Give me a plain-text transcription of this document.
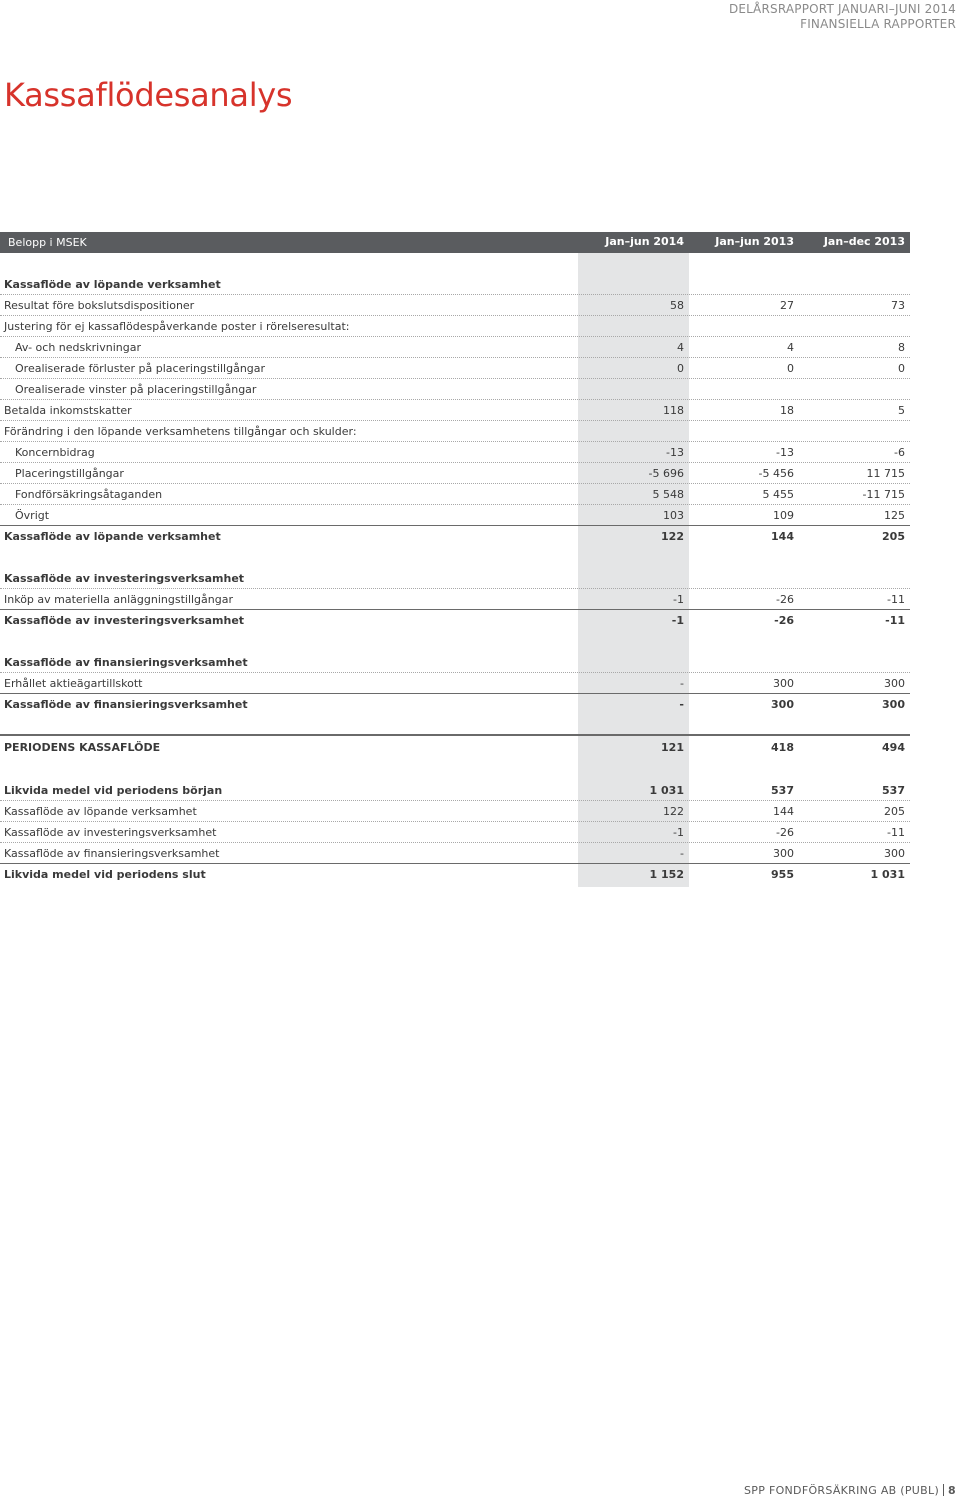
DELÅRSRAPPORT JANUARI–JUNI 2014
FINANSIELLA RAPPORTER
Kassaflödesanalys
Belopp i MSEK	Jan–jun 2014	Jan–jun 2013	Jan–dec 2013
Kassaflöde av löpande verksamhet
Resultat före bokslutsdispositioner	58	27	73
Justering för ej kassaflödespåverkande poster i rörelseresultat:
Av- och nedskrivningar	4	4	8
Orealiserade förluster på placeringstillgångar	0	0	0
Orealiserade vinster på placeringstillgångar
Betalda inkomstskatter	118	18	5
Förändring i den löpande verksamhetens tillgångar och skulder:
Koncernbidrag	-13	-13	-6
Placeringstillgångar	-5 696	-5 456	11 715
Fondförsäkringsåtaganden	5 548	5 455	-11 715
Övrigt	103	109	125
Kassaflöde av löpande verksamhet	122	144	205
Kassaflöde av investeringsverksamhet
Inköp av materiella anläggningstillgångar	-1	-26	-11
Kassaflöde av investeringsverksamhet	-1	-26	-11
Kassaflöde av finansieringsverksamhet
Erhållet aktieägartillskott	-	300	300
Kassaflöde av finansieringsverksamhet	-	300	300
PERIODENS KASSAFLÖDE	121	418	494
Likvida medel vid periodens början	1 031	537	537
Kassaflöde av löpande verksamhet	122	144	205
Kassaflöde av investeringsverksamhet	-1	-26	-11
Kassaflöde av finansieringsverksamhet	-	300	300
Likvida medel vid periodens slut	1 152	955	1 031
SPP FONDFÖRSÄKRING AB (PUBL) 8
